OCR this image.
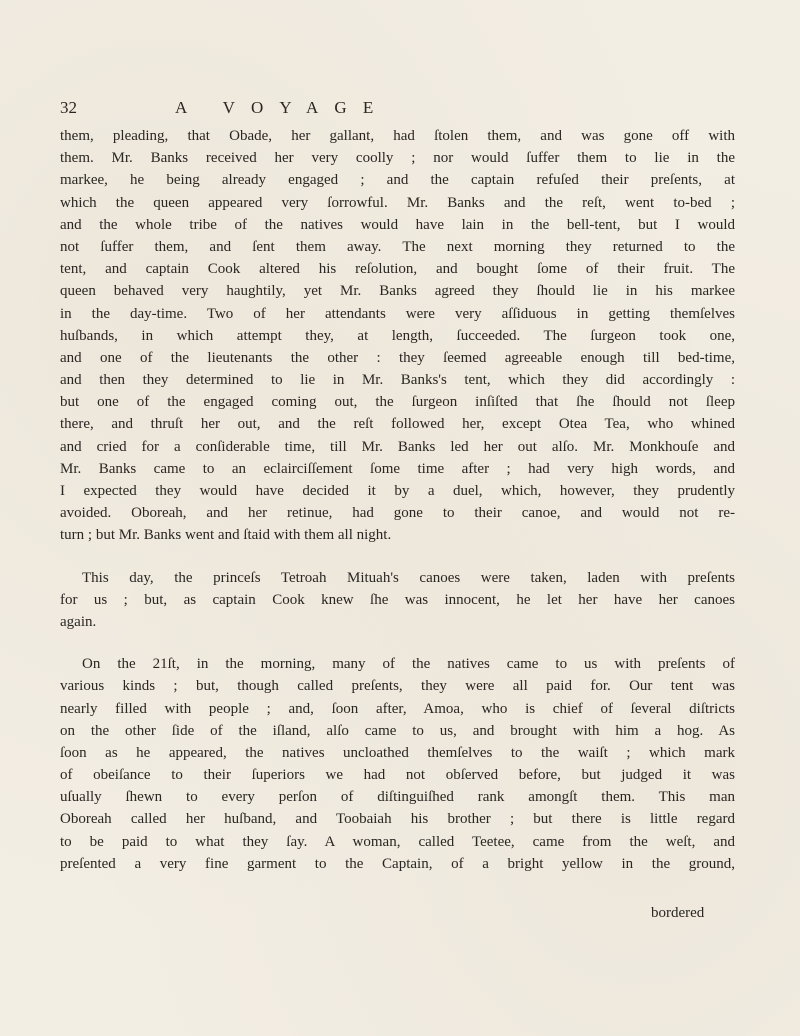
32	A VOYAGE
them, pleading, that Obade, her gallant, had ſtolen them, and was gone off with
them. Mr. Banks received her very coolly ; nor would ſuffer them to lie in the
markee, he being already engaged ; and the captain refuſed their preſents, at
which the queen appeared very ſorrowful. Mr. Banks and the reſt, went to-bed ;
and the whole tribe of the natives would have lain in the bell-tent, but I would
not ſuffer them, and ſent them away. The next morning they returned to the
tent, and captain Cook altered his reſolution, and bought ſome of their fruit. The
queen behaved very haughtily, yet Mr. Banks agreed they ſhould lie in his markee
in the day-time. Two of her attendants were very aſſiduous in getting themſelves
huſbands, in which attempt they, at length, ſucceeded. The ſurgeon took one,
and one of the lieutenants the other : they ſeemed agreeable enough till bed-time,
and then they determined to lie in Mr. Banks's tent, which they did accordingly :
but one of the engaged coming out, the ſurgeon inſiſted that ſhe ſhould not ſleep
there, and thruſt her out, and the reſt followed her, except Otea Tea, who whined
and cried for a conſiderable time, till Mr. Banks led her out alſo. Mr. Monkhouſe and
Mr. Banks came to an eclairciſſement ſome time after ; had very high words, and
I expected they would have decided it by a duel, which, however, they prudently
avoided. Oboreah, and her retinue, had gone to their canoe, and would not re-
turn ; but Mr. Banks went and ſtaid with them all night.
This day, the princeſs Tetroah Mituah's canoes were taken, laden with preſents
for us ; but, as captain Cook knew ſhe was innocent, he let her have her canoes
again.
On the 21ſt, in the morning, many of the natives came to us with preſents of
various kinds ; but, though called preſents, they were all paid for. Our tent was
nearly filled with people ; and, ſoon after, Amoa, who is chief of ſeveral diſtricts
on the other ſide of the iſland, alſo came to us, and brought with him a hog. As
ſoon as he appeared, the natives uncloathed themſelves to the waiſt ; which mark
of obeiſance to their ſuperiors we had not obſerved before, but judged it was
uſually ſhewn to every perſon of diſtinguiſhed rank amongſt them. This man
Oboreah called her huſband, and Toobaiah his brother ; but there is little regard
to be paid to what they ſay. A woman, called Teetee, came from the weſt, and
preſented a very fine garment to the Captain, of a bright yellow in the ground,
bordered
